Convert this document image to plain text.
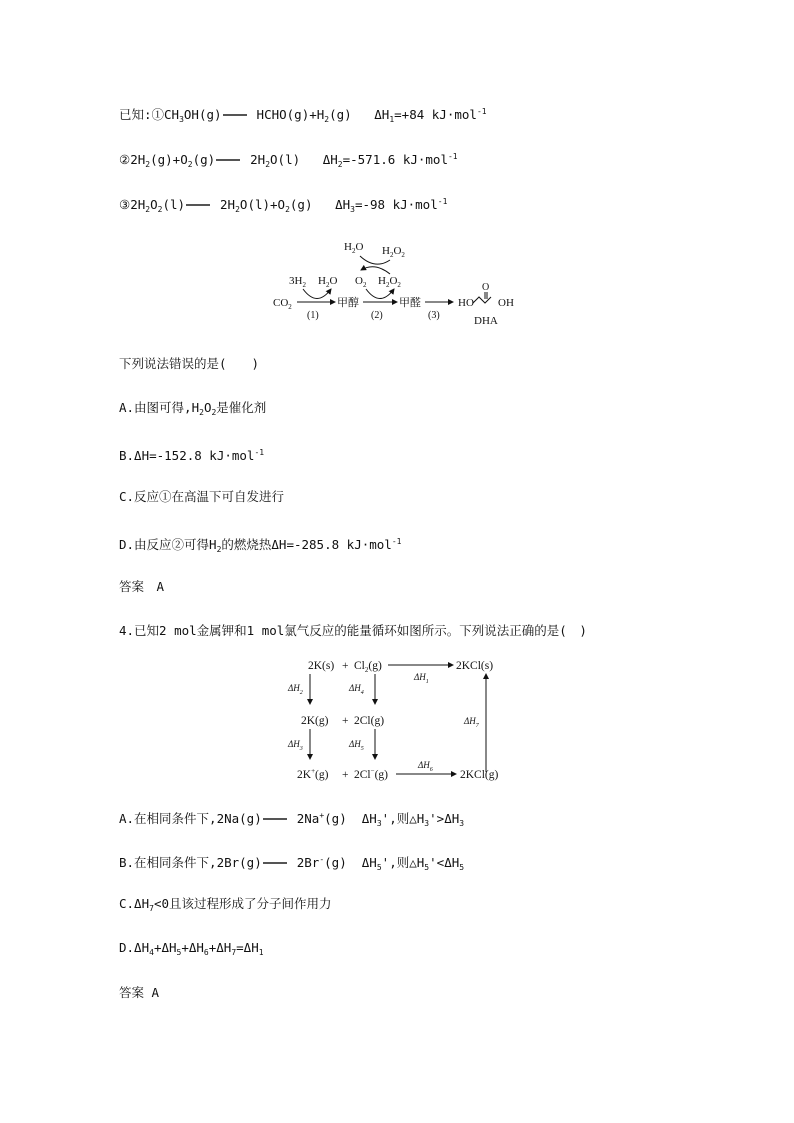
已知$:①CH_3OH(g)$	$HCHO(g)+H_2(g)$ $\Delta H_1=+84$ kJ·mol$^{-1}$
$②2H_2(g)+O_2(g)$	$2H_2O(l)$ $\Delta H_2=-571.6$ kJ·mol$^{-1}$
$③2H_2O_2(l)$	$2H_2O(l)+O_2(g)$ $\Delta H_3=-98$ kJ·mol$^{-1}$
$H_2O$ $H_2O_2$
$3H_2$ $H_2O$ $O_2$ $H_2O_2$
$CO_2$	甲醇	甲醛
(1)	(2)	(3)
HO
O
OH
DHA
下列说法错误的是(　　)
A.由图可得$,H_2O_2$是催化剂
B.ΔH=-152.8 kJ·mol$^{-1}$
C.反应①在高温下可自发进行
D.由反应②可得$H_2$的燃烧热ΔH=-285.8 kJ·mol$^{-1}$
答案　A
4.已知2 mol金属钾和1 mol氯气反应的能量循环如图所示。下列说法正确的是(　)
$2K(s) + Cl_2(g)$
$\Delta H_1$
2KCl(s)
$\Delta H_2$	$\Delta H_4$
$\Delta H_7$
2K(g) + 2Cl(g)
$\Delta H_3$	$\Delta H_5$
2K+(g) + 2Cl−(g)
$\Delta H_6$ 2KCl(g)
A.在相同条件下,2Na(g)	2Na+(g) $\Delta H_3'$,则$\triangle H_3'>\Delta H_3$
B.在相同条件下,2Br(g)	2Br-(g) $\Delta H_5'$,则$\triangle H_5'<\Delta H_5$
$C.\Delta H_7<0$且该过程形成了分子间作用力
$D.\Delta H_4+\Delta H_5+\Delta H_6+\Delta H_7=\Delta H_1$
答案 A
